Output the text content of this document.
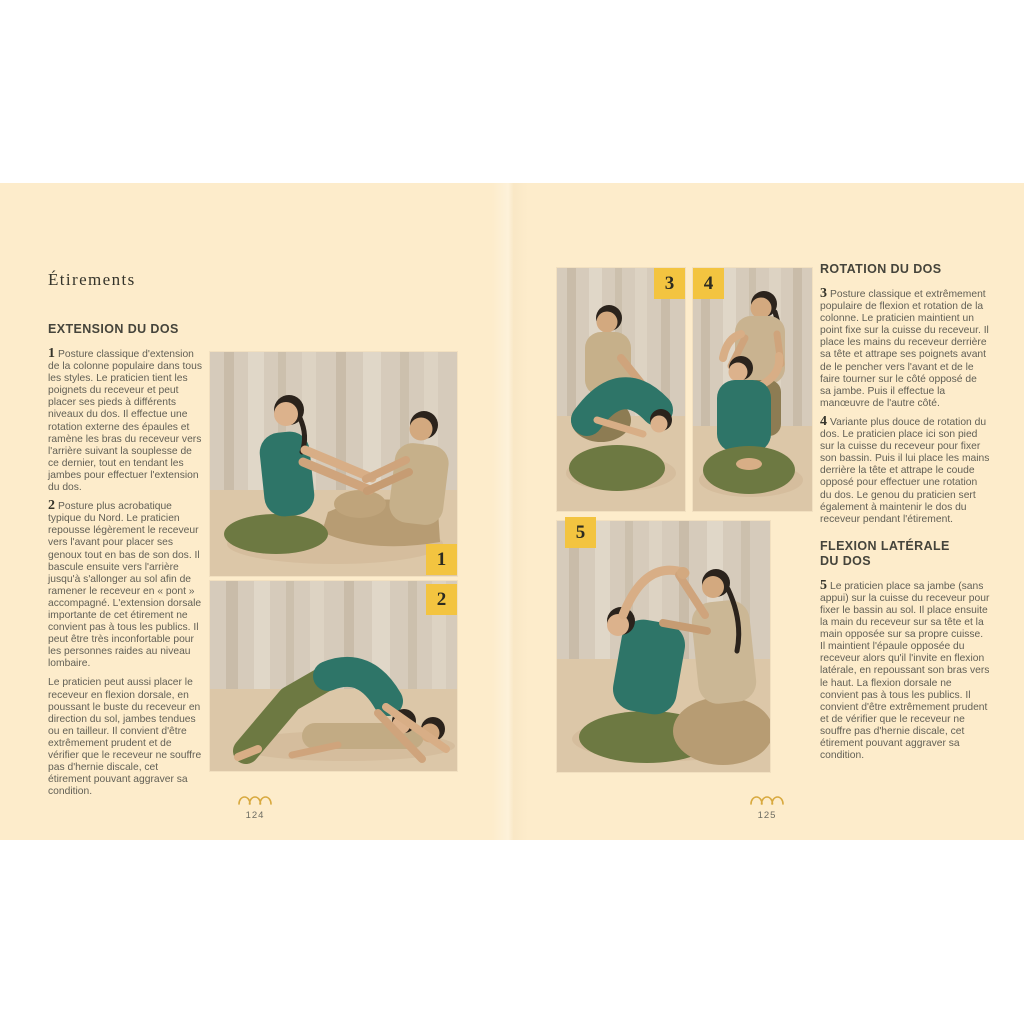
Étirements
EXTENSION DU DOS

1 Posture classique d'extension de la colonne populaire dans tous les styles. Le praticien tient les poignets du receveur et peut placer ses pieds à différents niveaux du dos. Il effectue une rotation externe des épaules et ramène les bras du receveur vers l'arrière suivant la souplesse de ce dernier, tout en tendant les jambes pour effectuer l'extension du dos.

2 Posture plus acrobatique typique du Nord. Le praticien repousse légèrement le receveur vers l'avant pour placer ses genoux tout en bas de son dos. Il bascule ensuite vers l'arrière jusqu'à s'allonger au sol afin de ramener le receveur en « pont » accompagné. L'extension dorsale importante de cet étirement ne convient pas à tous les publics. Il peut être très inconfortable pour les personnes raides au niveau lombaire.

Le praticien peut aussi placer le receveur en flexion dorsale, en poussant le buste du receveur en direction du sol, jambes tendues ou en tailleur. Il convient d'être extrêmement prudent et de vérifier que le receveur ne souffre pas d'hernie discale, cet étirement pouvant aggraver sa condition.

ROTATION DU DOS

3 Posture classique et extrêmement populaire de flexion et rotation de la colonne. Le praticien maintient un point fixe sur la cuisse du receveur. Il place les mains du receveur derrière sa tête et attrape ses poignets avant de le pencher vers l'avant et de le faire tourner sur le côté opposé de sa jambe. Puis il effectue la manœuvre de l'autre côté.

4 Variante plus douce de rotation du dos. Le praticien place ici son pied sur la cuisse du receveur pour fixer son bassin. Puis il lui place les mains derrière la tête et attrape le coude opposé pour effectuer une rotation du dos. Le genou du praticien sert également à maintenir le dos du receveur pendant l'étirement.

FLEXION LATÉRALE DU DOS

5 Le praticien place sa jambe (sans appui) sur la cuisse du receveur pour fixer le bassin au sol. Il place ensuite la main du receveur sur sa tête et la main opposée sur sa propre cuisse. Il maintient l'épaule opposée du receveur alors qu'il l'invite en flexion latérale, en repoussant son bras vers le haut. La flexion dorsale ne convient pas à tous les publics. Il convient d'être extrêmement prudent et de vérifier que le receveur ne souffre pas d'hernie discale, cet étirement pouvant aggraver sa condition.

1
2
3	4
5
124	125
